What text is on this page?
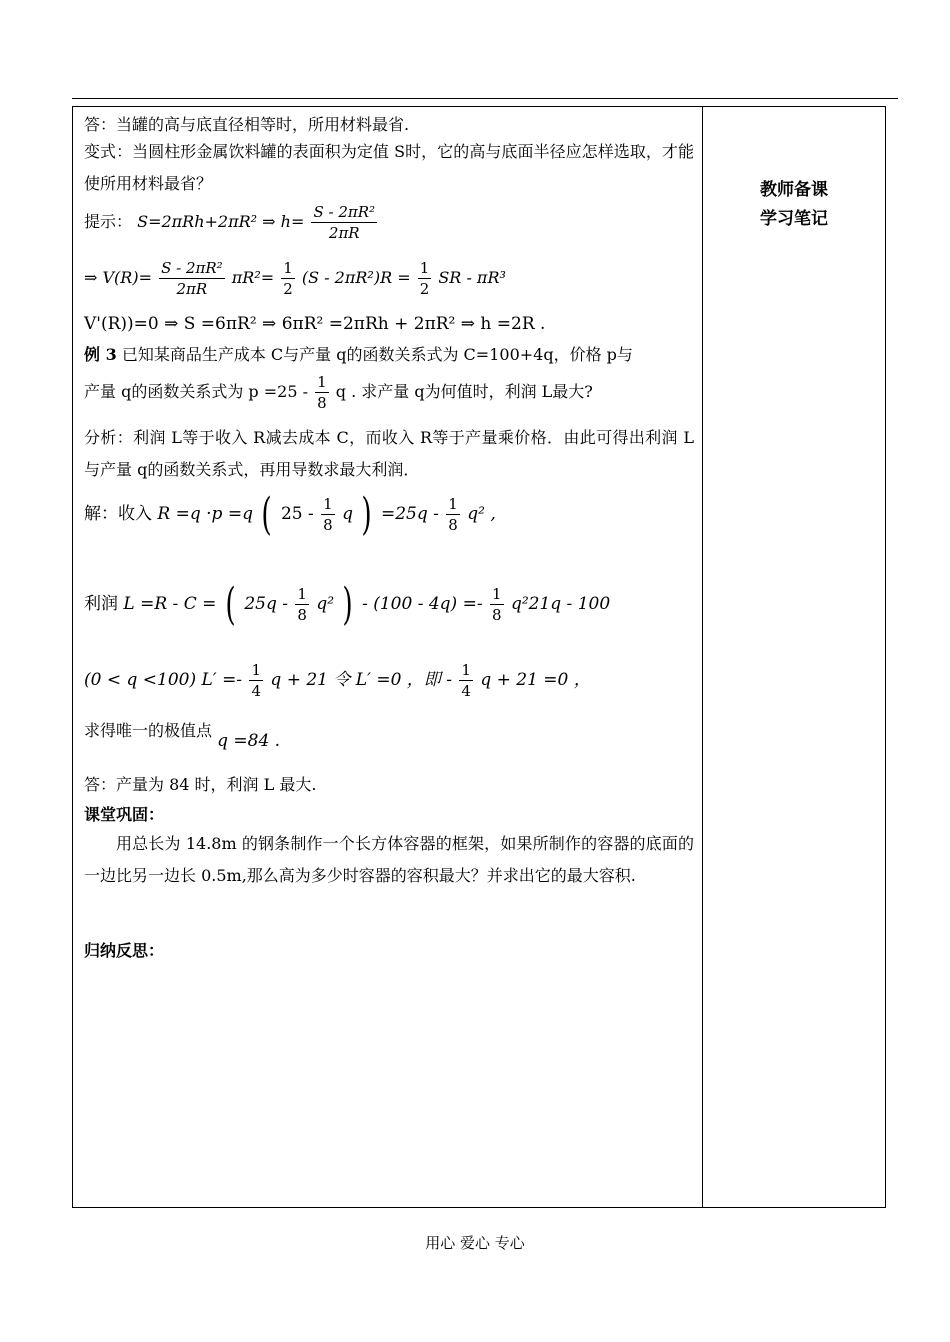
教师备课
学习笔记
答：当罐的高与底直径相等时，所用材料最省.
变式：当圆柱形金属饮料罐的表面积为定值 S时，它的高与底面半径应怎样选取，才能使所用材料最省？
提示： S=2πRh+2πR² ⇒ $h= \frac{\text{S - 2πR²}}{2\pi R}$
⇒ $V(R)= \frac{\text{S - 2πR²}}{2\pi R} \pi R^2= \frac{1}{2} (S - 2\pi R^2)R = \frac{1}{2}$ SR - πR³
V'(R))=0 ⇒ S =6πR² ⇒ 6πR² =2πRh + 2πR² ⇒ h =2R .
例 3 已知某商品生产成本 C与产量 q的函数关系式为 C=100+4q，价格 p与
产量 q的函数关系式为 $p =25 - \frac{1}{8}$ q . 求产量 q为何值时，利润 L最大?
分析：利润 L等于收入 R减去成本 C，而收入 R等于产量乘价格．由此可得出利润 L与产量 q的函数关系式，再用导数求最大利润．
解：收入 R =q ·p =q ( $25 - \frac{1}{8}$ q ) $=25q - \frac{1}{8} q^2$ ,
利润 L =R - C = ( $25q - \frac{1}{8} q^2$ ) - $(100 - 4q) =- \frac{1}{8} q^221q - 100$
(0 < q <100) $L' =- \frac{1}{4}$ q + 21 令 L′ =0 ，即 - $\frac{1}{4}$ q + 21 =0 ，
求得唯一的极值点 q =84 .
答：产量为 84 时，利润 L 最大.
课堂巩固：
用总长为 14.8m 的钢条制作一个长方体容器的框架，如果所制作的容器的底面的一边比另一边长 0.5m,那么高为多少时容器的容积最大？并求出它的最大容积.
归纳反思：
用心 爱心 专心
